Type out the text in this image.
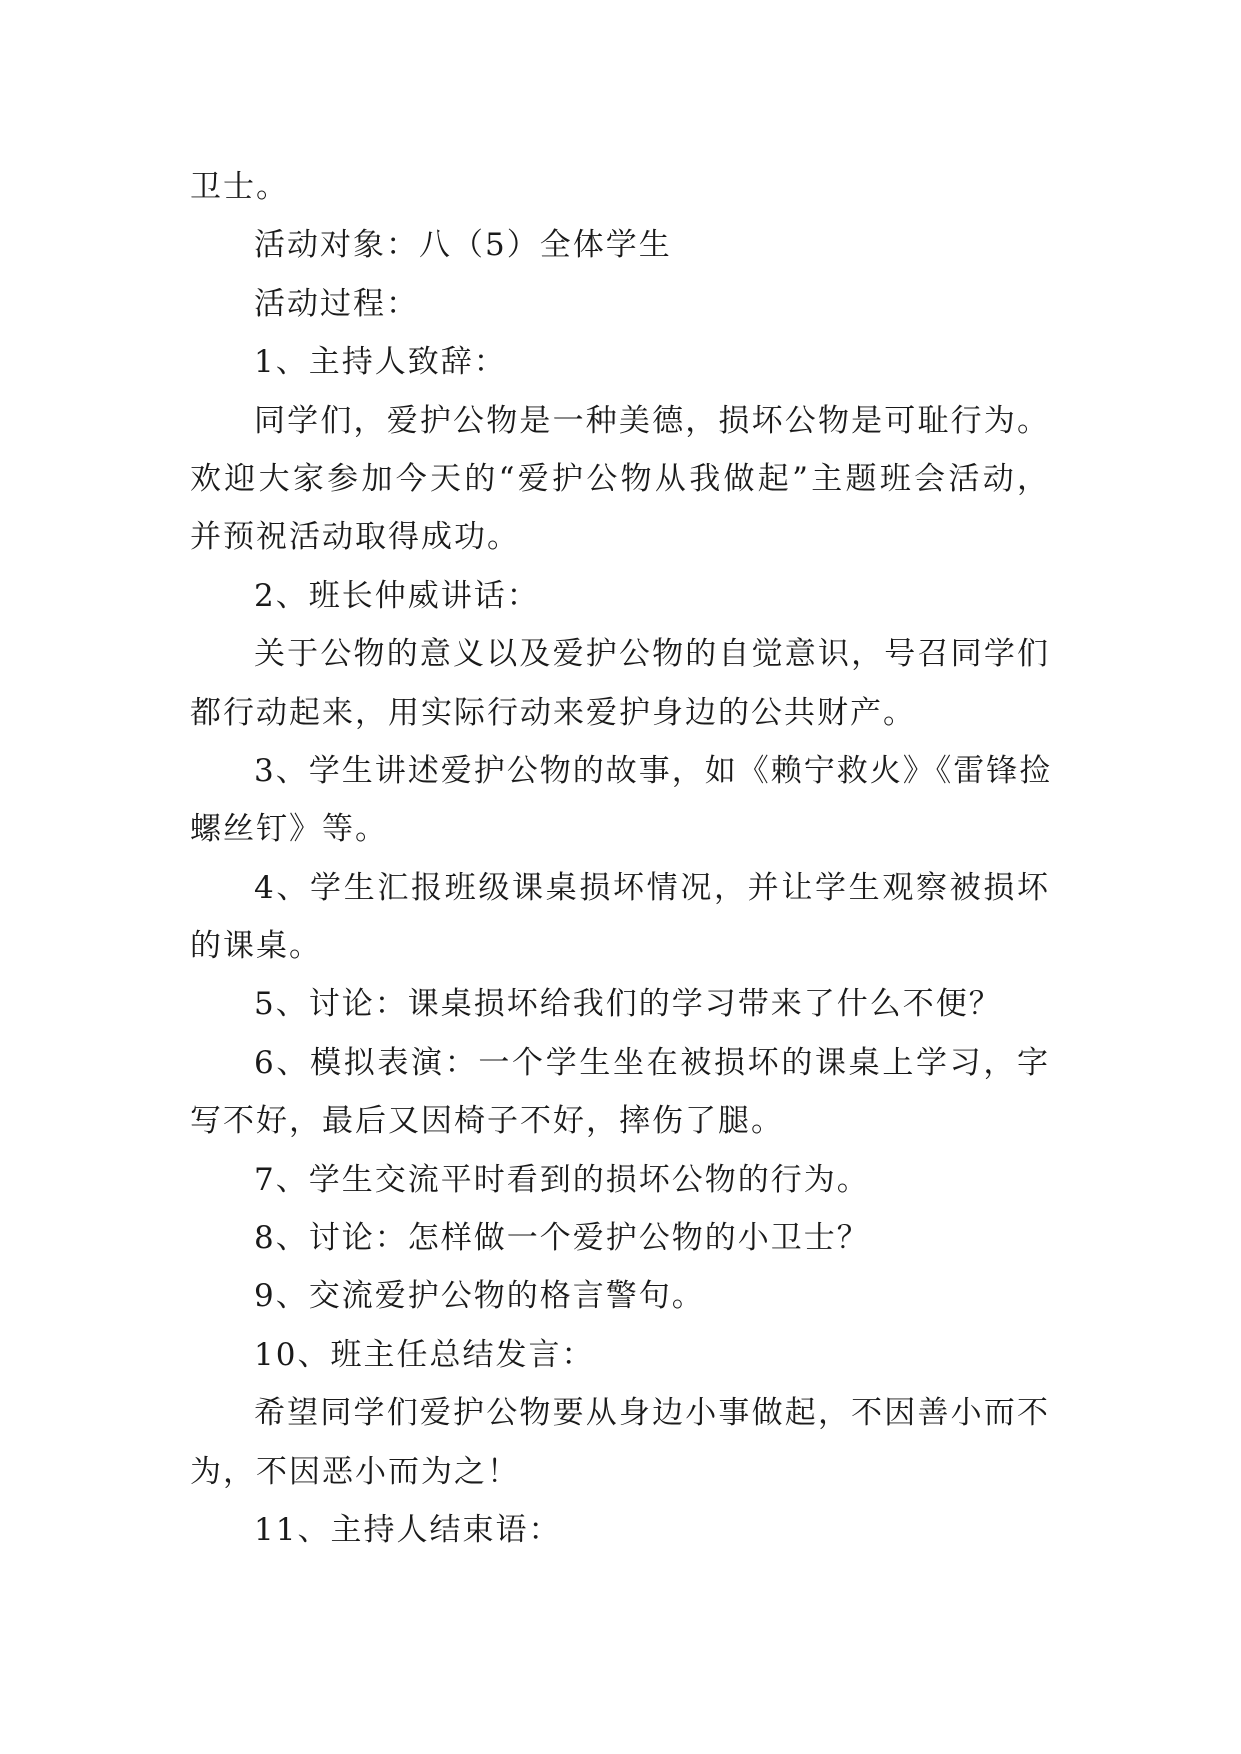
卫士。
活动对象：八（5）全体学生
活动过程：
1、主持人致辞：
同学们，爱护公物是一种美德，损坏公物是可耻行为。
欢迎大家参加今天的“爱护公物从我做起”主题班会活动，
并预祝活动取得成功。
2、班长仲威讲话：
关于公物的意义以及爱护公物的自觉意识，号召同学们
都行动起来，用实际行动来爱护身边的公共财产。
3、学生讲述爱护公物的故事，如《赖宁救火》《雷锋捡
螺丝钉》等。
4、学生汇报班级课桌损坏情况，并让学生观察被损坏
的课桌。
5、讨论：课桌损坏给我们的学习带来了什么不便？
6、模拟表演：一个学生坐在被损坏的课桌上学习，字
写不好，最后又因椅子不好，摔伤了腿。
7、学生交流平时看到的损坏公物的行为。
8、讨论：怎样做一个爱护公物的小卫士？
9、交流爱护公物的格言警句。
10、班主任总结发言：
希望同学们爱护公物要从身边小事做起，不因善小而不
为，不因恶小而为之！
11、主持人结束语：
